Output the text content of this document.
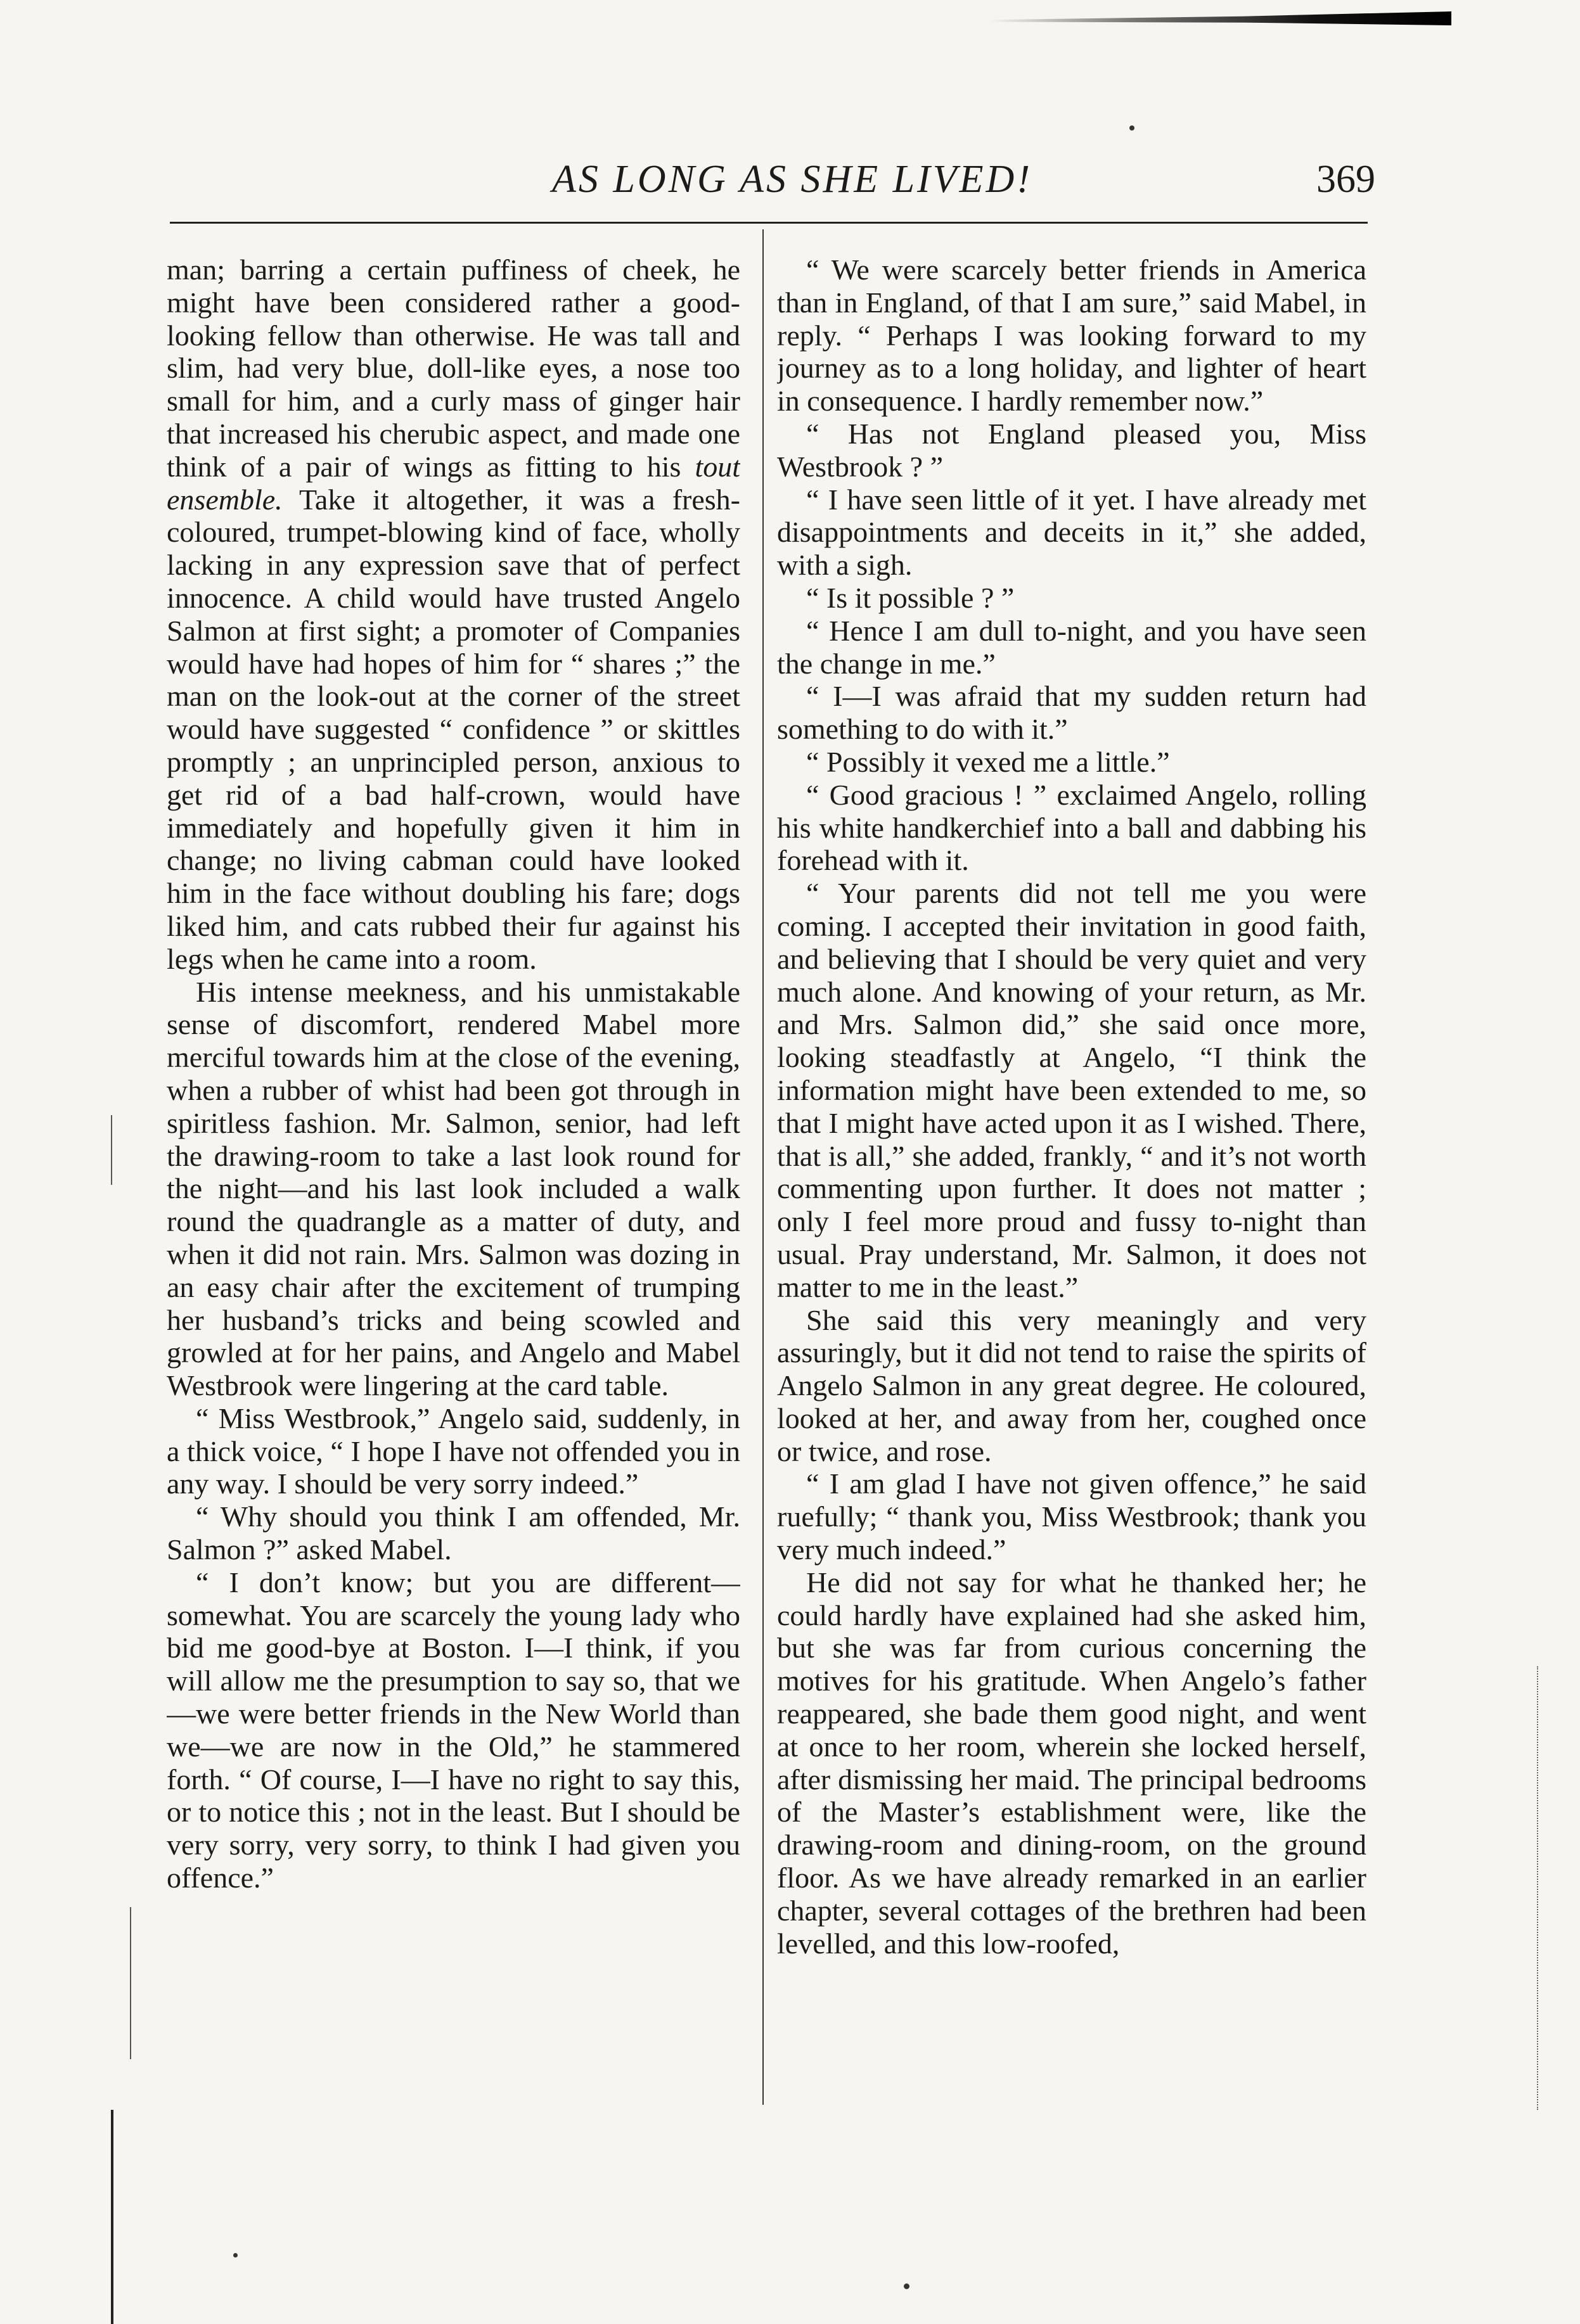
AS LONG AS SHE LIVED!	369

man; barring a certain puffiness of cheek, he might have been considered rather a good-looking fellow than otherwise. He was tall and slim, had very blue, doll-like eyes, a nose too small for him, and a curly mass of ginger hair that increased his cherubic aspect, and made one think of a pair of wings as fitting to his tout ensemble. Take it altogether, it was a fresh-coloured, trumpet-blowing kind of face, wholly lacking in any expression save that of perfect innocence. A child would have trusted Angelo Salmon at first sight; a promoter of Companies would have had hopes of him for “ shares ;” the man on the look-out at the corner of the street would have suggested “ confidence ” or skittles promptly ; an unprincipled person, anxious to get rid of a bad half-crown, would have immediately and hopefully given it him in change; no living cabman could have looked him in the face without doubling his fare; dogs liked him, and cats rubbed their fur against his legs when he came into a room.

His intense meekness, and his unmistakable sense of discomfort, rendered Mabel more merciful towards him at the close of the evening, when a rubber of whist had been got through in spiritless fashion. Mr. Salmon, senior, had left the drawing-room to take a last look round for the night—and his last look included a walk round the quadrangle as a matter of duty, and when it did not rain. Mrs. Salmon was dozing in an easy chair after the excitement of trumping her husband’s tricks and being scowled and growled at for her pains, and Angelo and Mabel Westbrook were lingering at the card table.

“ Miss Westbrook,” Angelo said, suddenly, in a thick voice, “ I hope I have not offended you in any way. I should be very sorry indeed.”

“ Why should you think I am offended, Mr. Salmon ?” asked Mabel.

“ I don’t know; but you are different—somewhat. You are scarcely the young lady who bid me good-bye at Boston. I—I think, if you will allow me the presumption to say so, that we—we were better friends in the New World than we—we are now in the Old,” he stammered forth. “ Of course, I—I have no right to say this, or to notice this ; not in the least. But I should be very sorry, very sorry, to think I had given you offence.”

“ We were scarcely better friends in America than in England, of that I am sure,” said Mabel, in reply. “ Perhaps I was looking forward to my journey as to a long holiday, and lighter of heart in consequence. I hardly remember now.”

“ Has not England pleased you, Miss Westbrook ? ”

“ I have seen little of it yet. I have already met disappointments and deceits in it,” she added, with a sigh.

“ Is it possible ? ”

“ Hence I am dull to-night, and you have seen the change in me.”

“ I—I was afraid that my sudden return had something to do with it.”

“ Possibly it vexed me a little.”

“ Good gracious ! ” exclaimed Angelo, rolling his white handkerchief into a ball and dabbing his forehead with it.

“ Your parents did not tell me you were coming. I accepted their invitation in good faith, and believing that I should be very quiet and very much alone. And knowing of your return, as Mr. and Mrs. Salmon did,” she said once more, looking steadfastly at Angelo, “I think the information might have been extended to me, so that I might have acted upon it as I wished. There, that is all,” she added, frankly, “ and it’s not worth commenting upon further. It does not matter ; only I feel more proud and fussy to-night than usual. Pray understand, Mr. Salmon, it does not matter to me in the least.”

She said this very meaningly and very assuringly, but it did not tend to raise the spirits of Angelo Salmon in any great degree. He coloured, looked at her, and away from her, coughed once or twice, and rose.

“ I am glad I have not given offence,” he said ruefully; “ thank you, Miss Westbrook; thank you very much indeed.”

He did not say for what he thanked her; he could hardly have explained had she asked him, but she was far from curious concerning the motives for his gratitude. When Angelo’s father reappeared, she bade them good night, and went at once to her room, wherein she locked herself, after dismissing her maid. The principal bedrooms of the Master’s establishment were, like the drawing-room and dining-room, on the ground floor. As we have already remarked in an earlier chapter, several cottages of the brethren had been levelled, and this low-roofed,
